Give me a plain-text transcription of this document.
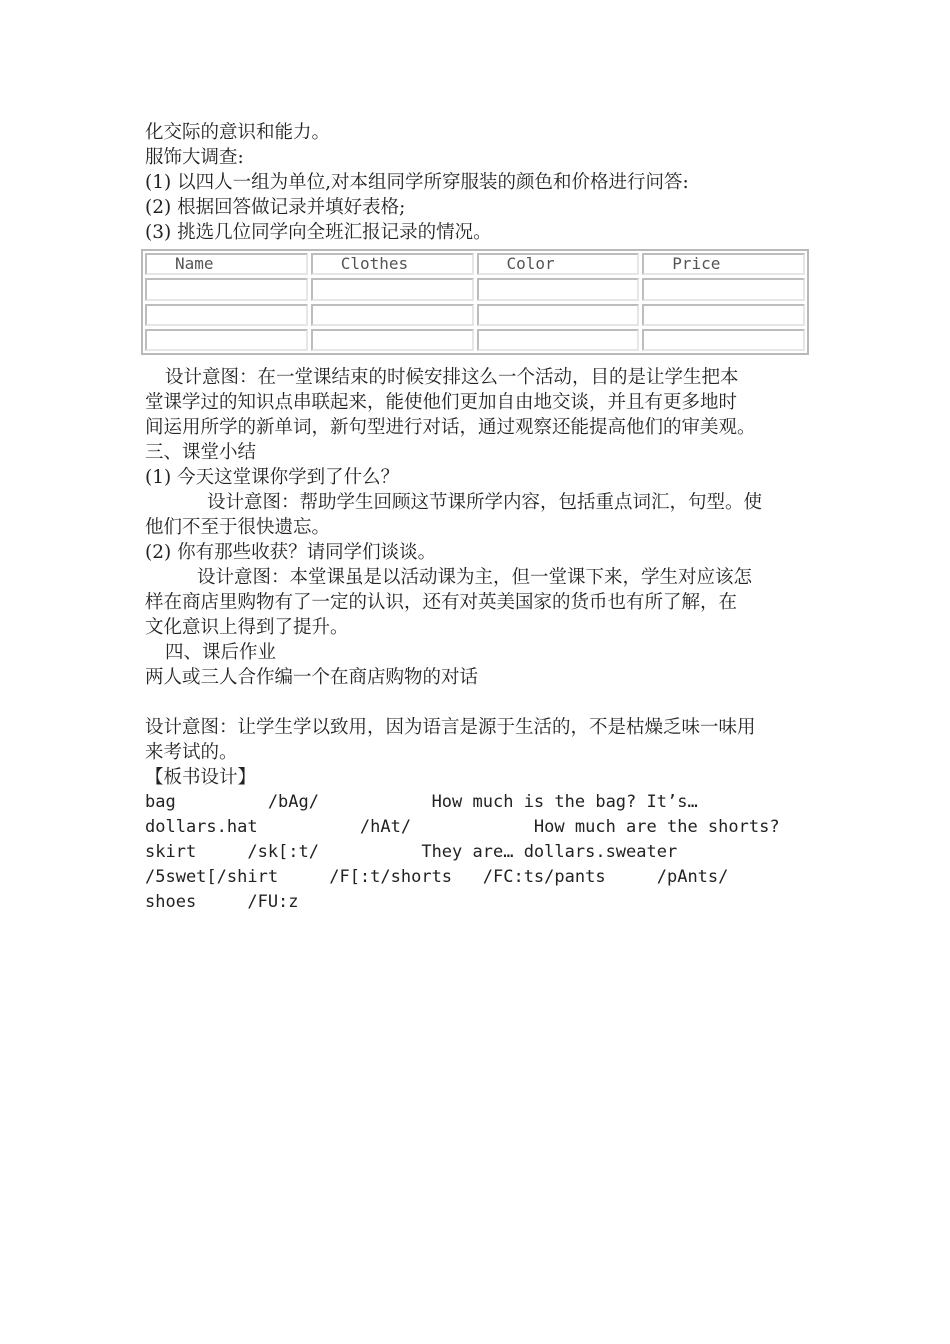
化交际的意识和能力。
服饰大调查:
(1) 以四人一组为单位,对本组同学所穿服装的颜色和价格进行问答:
(2) 根据回答做记录并填好表格;
(3) 挑选几位同学向全班汇报记录的情况。
Name	Clothes	Color	Price
设计意图：在一堂课结束的时候安排这么一个活动，目的是让学生把本
堂课学过的知识点串联起来，能使他们更加自由地交谈，并且有更多地时
间运用所学的新单词，新句型进行对话，通过观察还能提高他们的审美观。
三、课堂小结
(1) 今天这堂课你学到了什么？
设计意图：帮助学生回顾这节课所学内容，包括重点词汇，句型。使
他们不至于很快遗忘。
(2) 你有那些收获？请同学们谈谈。
设计意图：本堂课虽是以活动课为主，但一堂课下来，学生对应该怎
样在商店里购物有了一定的认识，还有对英美国家的货币也有所了解，在
文化意识上得到了提升。
四、课后作业
两人或三人合作编一个在商店购物的对话
设计意图：让学生学以致用，因为语言是源于生活的，不是枯燥乏味一味用
来考试的。
【板书设计】
bag         /bAg/           How much is the bag? It’s…
dollars.hat          /hAt/            How much are the shorts?
skirt     /sk[:t/          They are… dollars.sweater
/5swet[/shirt     /F[:t/shorts   /FC:ts/pants     /pAnts/
shoes     /FU:z
